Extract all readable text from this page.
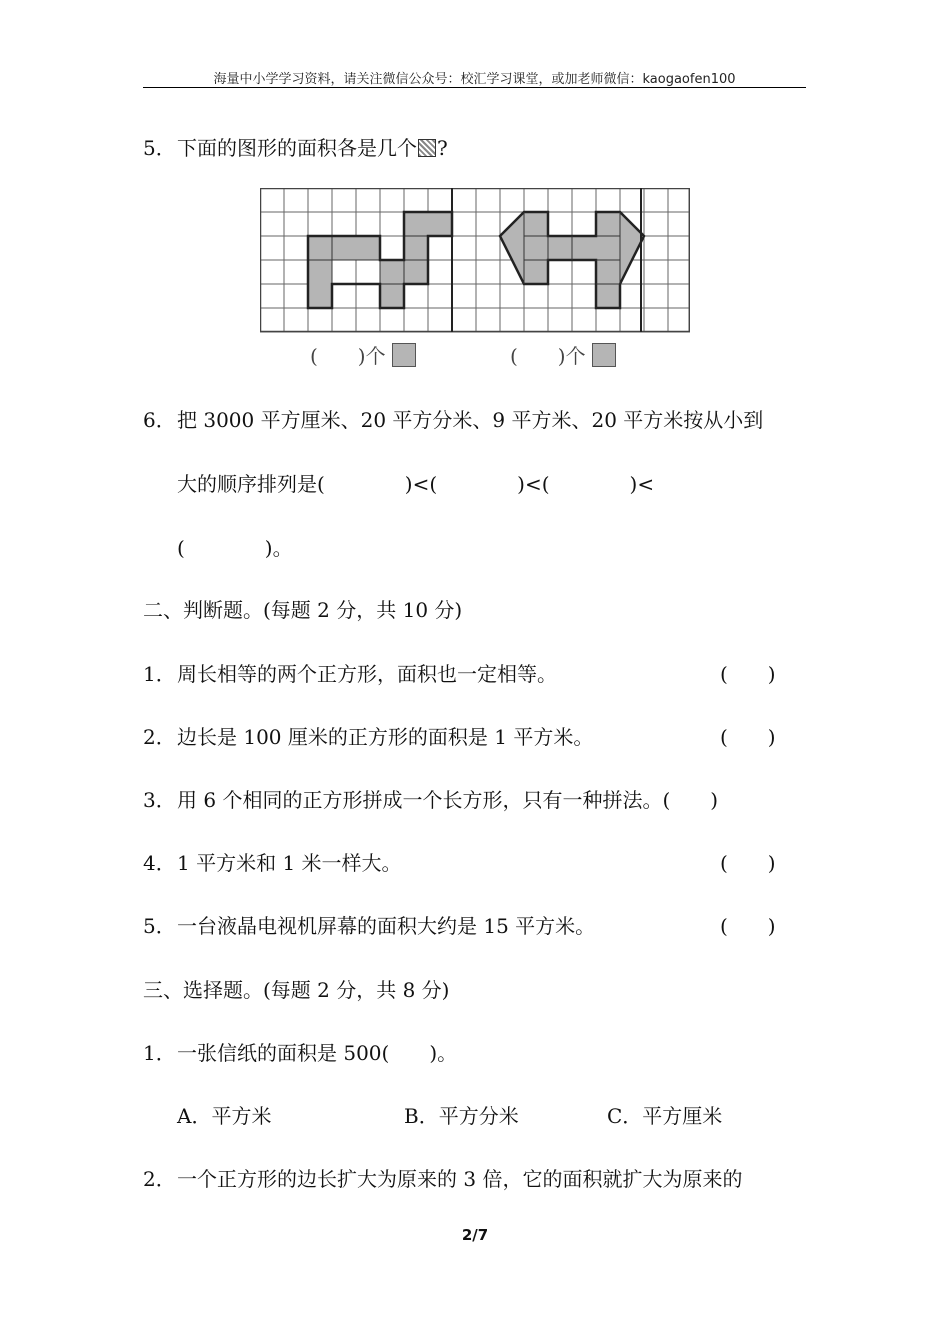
海量中小学学习资料，请关注微信公众号：校汇学习课堂，或加老师微信：kaogaofen100
5．下面的图形的面积各是几个 ?
(　　)个	(　　)个
6．把 3000 平方厘米、20 平方分米、9 平方米、20 平方米按从小到
大的顺序排列是(　　　　)<(　　　　)<(　　　　)<
(　　　　)。
二、判断题。(每题 2 分，共 10 分)
1．周长相等的两个正方形，面积也一定相等。	(　　)
2．边长是 100 厘米的正方形的面积是 1 平方米。	(　　)
3．用 6 个相同的正方形拼成一个长方形，只有一种拼法。(　　)
4．1 平方米和 1 米一样大。	(　　)
5．一台液晶电视机屏幕的面积大约是 15 平方米。	(　　)
三、选择题。(每题 2 分，共 8 分)
1．一张信纸的面积是 500(　　)。
A．平方米	B．平方分米	C．平方厘米
2．一个正方形的边长扩大为原来的 3 倍，它的面积就扩大为原来的
2/7
